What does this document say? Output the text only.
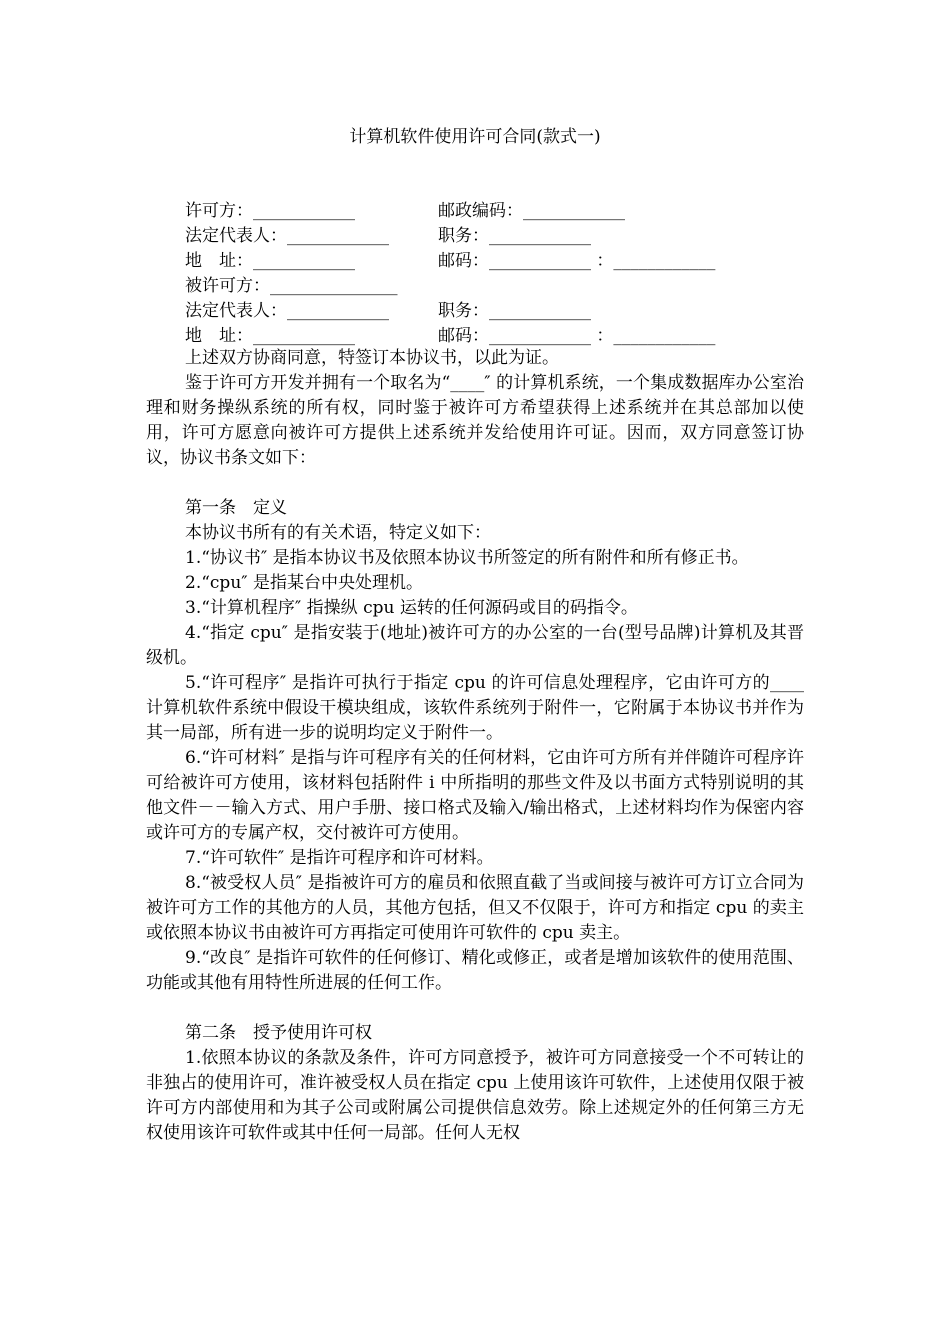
计算机软件使用许可合同(款式一)
许可方：____________	邮政编码：____________
法定代表人：____________	职务：____________
地　址：____________	邮码：____________ ：____________
被许可方：_______________
法定代表人：____________	职务：____________
地　址：____________	邮码：____________ ：____________

上述双方协商同意，特签订本协议书，以此为证。

鉴于许可方开发并拥有一个取名为“____″ 的计算机系统，一个集成数据库办公室治理和财务操纵系统的所有权，同时鉴于被许可方希望获得上述系统并在其总部加以使用，许可方愿意向被许可方提供上述系统并发给使用许可证。因而，双方同意签订协议，协议书条文如下：

第一条　定义

本协议书所有的有关术语，特定义如下：

1.“协议书″ 是指本协议书及依照本协议书所签定的所有附件和所有修正书。

2.“cpu″ 是指某台中央处理机。

3.“计算机程序″ 指操纵 cpu 运转的任何源码或目的码指令。

4.“指定 cpu″ 是指安装于(地址)被许可方的办公室的一台(型号品牌)计算机及其晋级机。

5.“许可程序″ 是指许可执行于指定 cpu 的许可信息处理程序，它由许可方的____计算机软件系统中假设干模块组成，该软件系统列于附件一，它附属于本协议书并作为其一局部，所有进一步的说明均定义于附件一。

6.“许可材料″ 是指与许可程序有关的任何材料，它由许可方所有并伴随许可程序许可给被许可方使用，该材料包括附件 i 中所指明的那些文件及以书面方式特别说明的其他文件－－输入方式、用户手册、接口格式及输入/输出格式，上述材料均作为保密内容或许可方的专属产权，交付被许可方使用。

7.“许可软件″ 是指许可程序和许可材料。

8.“被受权人员″ 是指被许可方的雇员和依照直截了当或间接与被许可方订立合同为被许可方工作的其他方的人员，其他方包括，但又不仅限于，许可方和指定 cpu 的卖主或依照本协议书由被许可方再指定可使用许可软件的 cpu 卖主。

9.“改良″ 是指许可软件的任何修订、精化或修正，或者是增加该软件的使用范围、功能或其他有用特性所进展的任何工作。

第二条　授予使用许可权

1.依照本协议的条款及条件，许可方同意授予，被许可方同意接受一个不可转让的非独占的使用许可，准许被受权人员在指定 cpu 上使用该许可软件，上述使用仅限于被许可方内部使用和为其子公司或附属公司提供信息效劳。除上述规定外的任何第三方无权使用该许可软件或其中任何一局部。任何人无权
